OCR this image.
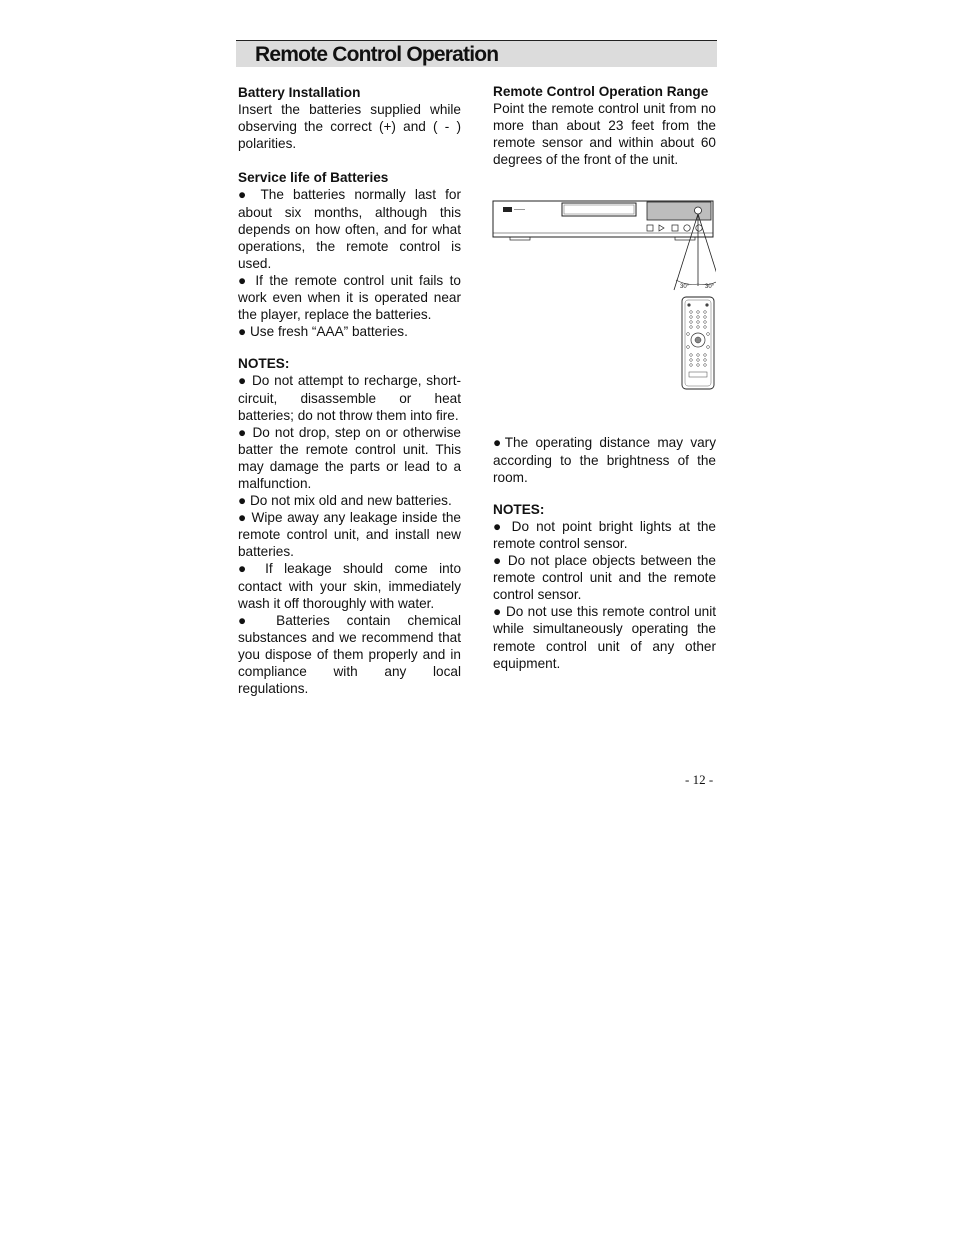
Remote Control Operation

Battery Installation

Insert the batteries supplied while observing the correct (+) and ( - ) polarities.

Service life of Batteries

● The batteries normally last for about six months, although this depends on how often, and for what operations, the remote control is used.

● If the remote control unit fails to work even when it is operated near the player, replace the batteries.

● Use fresh “AAA” batteries.

NOTES:

● Do not attempt to recharge, short-circuit, disassemble or heat batteries; do not throw them into fire.

● Do not drop, step on or otherwise batter the remote control unit. This may damage the parts or lead to a malfunction.

● Do not mix old and new batteries.

● Wipe away any leakage inside the remote control unit, and install new batteries.

● If leakage should come into contact with your skin, immediately wash it off thoroughly with water.

● Batteries contain chemical substances and we recommend that you dispose of them properly and in compliance with any local regulations.

Remote Control Operation Range

Point the remote control unit from no more than about 23 feet from the remote sensor and within about 60 degrees of the front of the unit.

●The operating distance may vary according to the brightness of the room.

NOTES:

● Do not point bright lights at the remote control sensor.

● Do not place objects between the remote control unit and the remote control sensor.

● Do not use this remote control unit while simultaneously operating the remote control unit of any other equipment.

30°	30°
- 12 -
